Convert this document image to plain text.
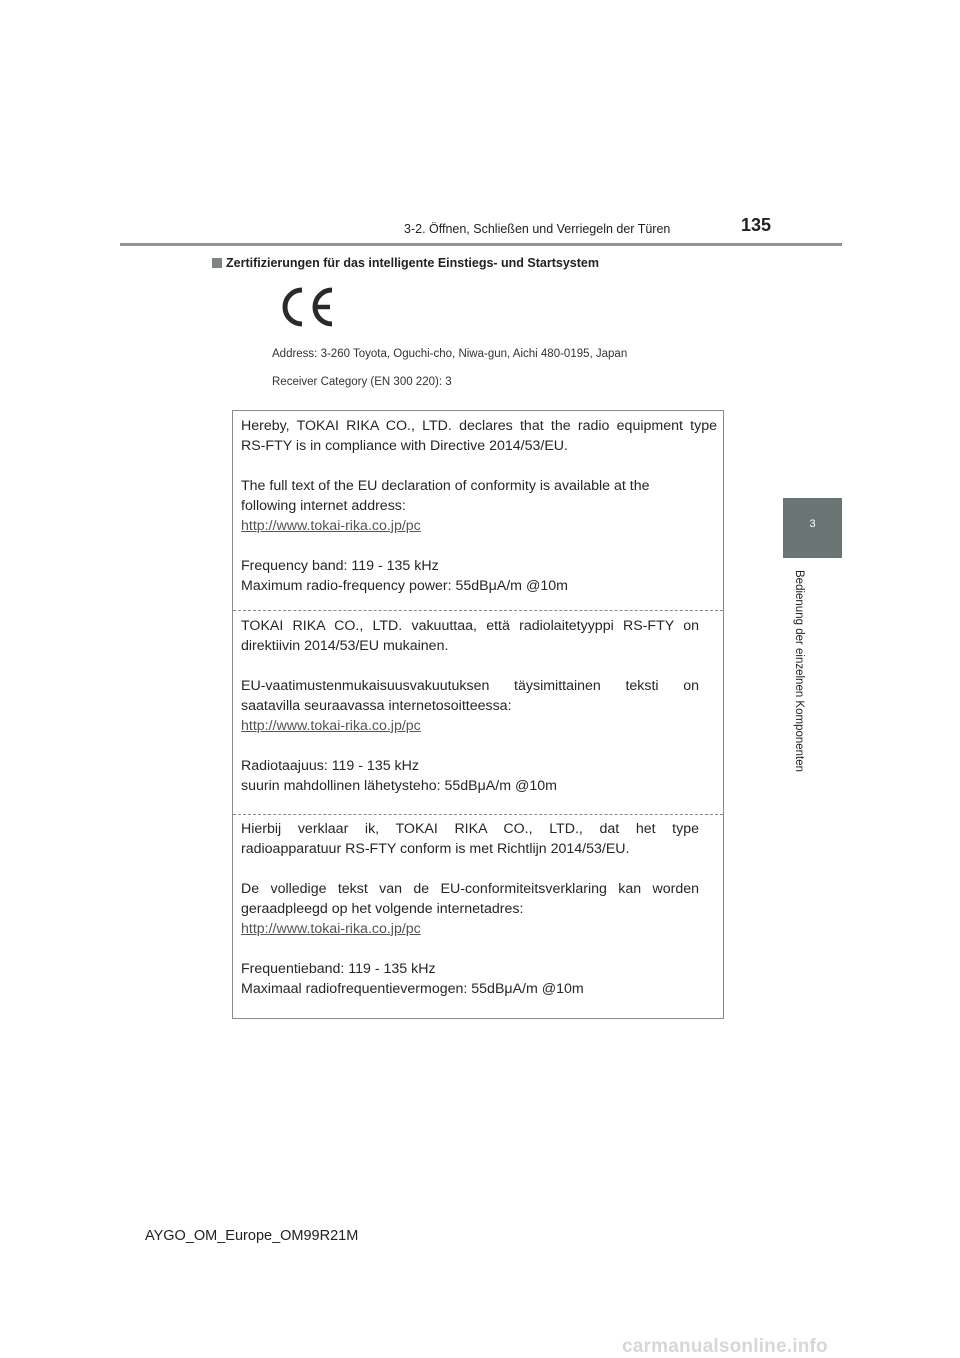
3-2. Öffnen, Schließen und Verriegeln der Türen	135
3
Bedienung der einzelnen Komponenten
Zertifizierungen für das intelligente Einstiegs- und Startsystem
Address: 3-260 Toyota, Oguchi-cho, Niwa-gun, Aichi 480-0195, Japan
Receiver Category (EN 300 220): 3

Hereby, TOKAI RIKA CO., LTD. declares that the radio equipment type

RS-FTY is in compliance with Directive 2014/53/EU.

The full text of the EU declaration of conformity is available at the

following internet address:

http://www.tokai-rika.co.jp/pc

Frequency band: 119 - 135 kHz

Maximum radio-frequency power: 55dBμA/m @10m

TOKAI RIKA CO., LTD. vakuuttaa, että radiolaitetyyppi RS-FTY on

direktiivin 2014/53/EU mukainen.

EU-vaatimustenmukaisuusvakuutuksen täysimittainen teksti on

saatavilla seuraavassa internetosoitteessa:

http://www.tokai-rika.co.jp/pc

Radiotaajuus: 119 - 135 kHz

suurin mahdollinen lähetysteho: 55dBμA/m @10m

Hierbij verklaar ik, TOKAI RIKA CO., LTD., dat het type

radioapparatuur RS-FTY conform is met Richtlijn 2014/53/EU.

De volledige tekst van de EU-conformiteitsverklaring kan worden

geraadpleegd op het volgende internetadres:

http://www.tokai-rika.co.jp/pc

Frequentieband: 119 - 135 kHz

Maximaal radiofrequentievermogen: 55dBμA/m @10m

AYGO_OM_Europe_OM99R21M
carmanualsonline.info
